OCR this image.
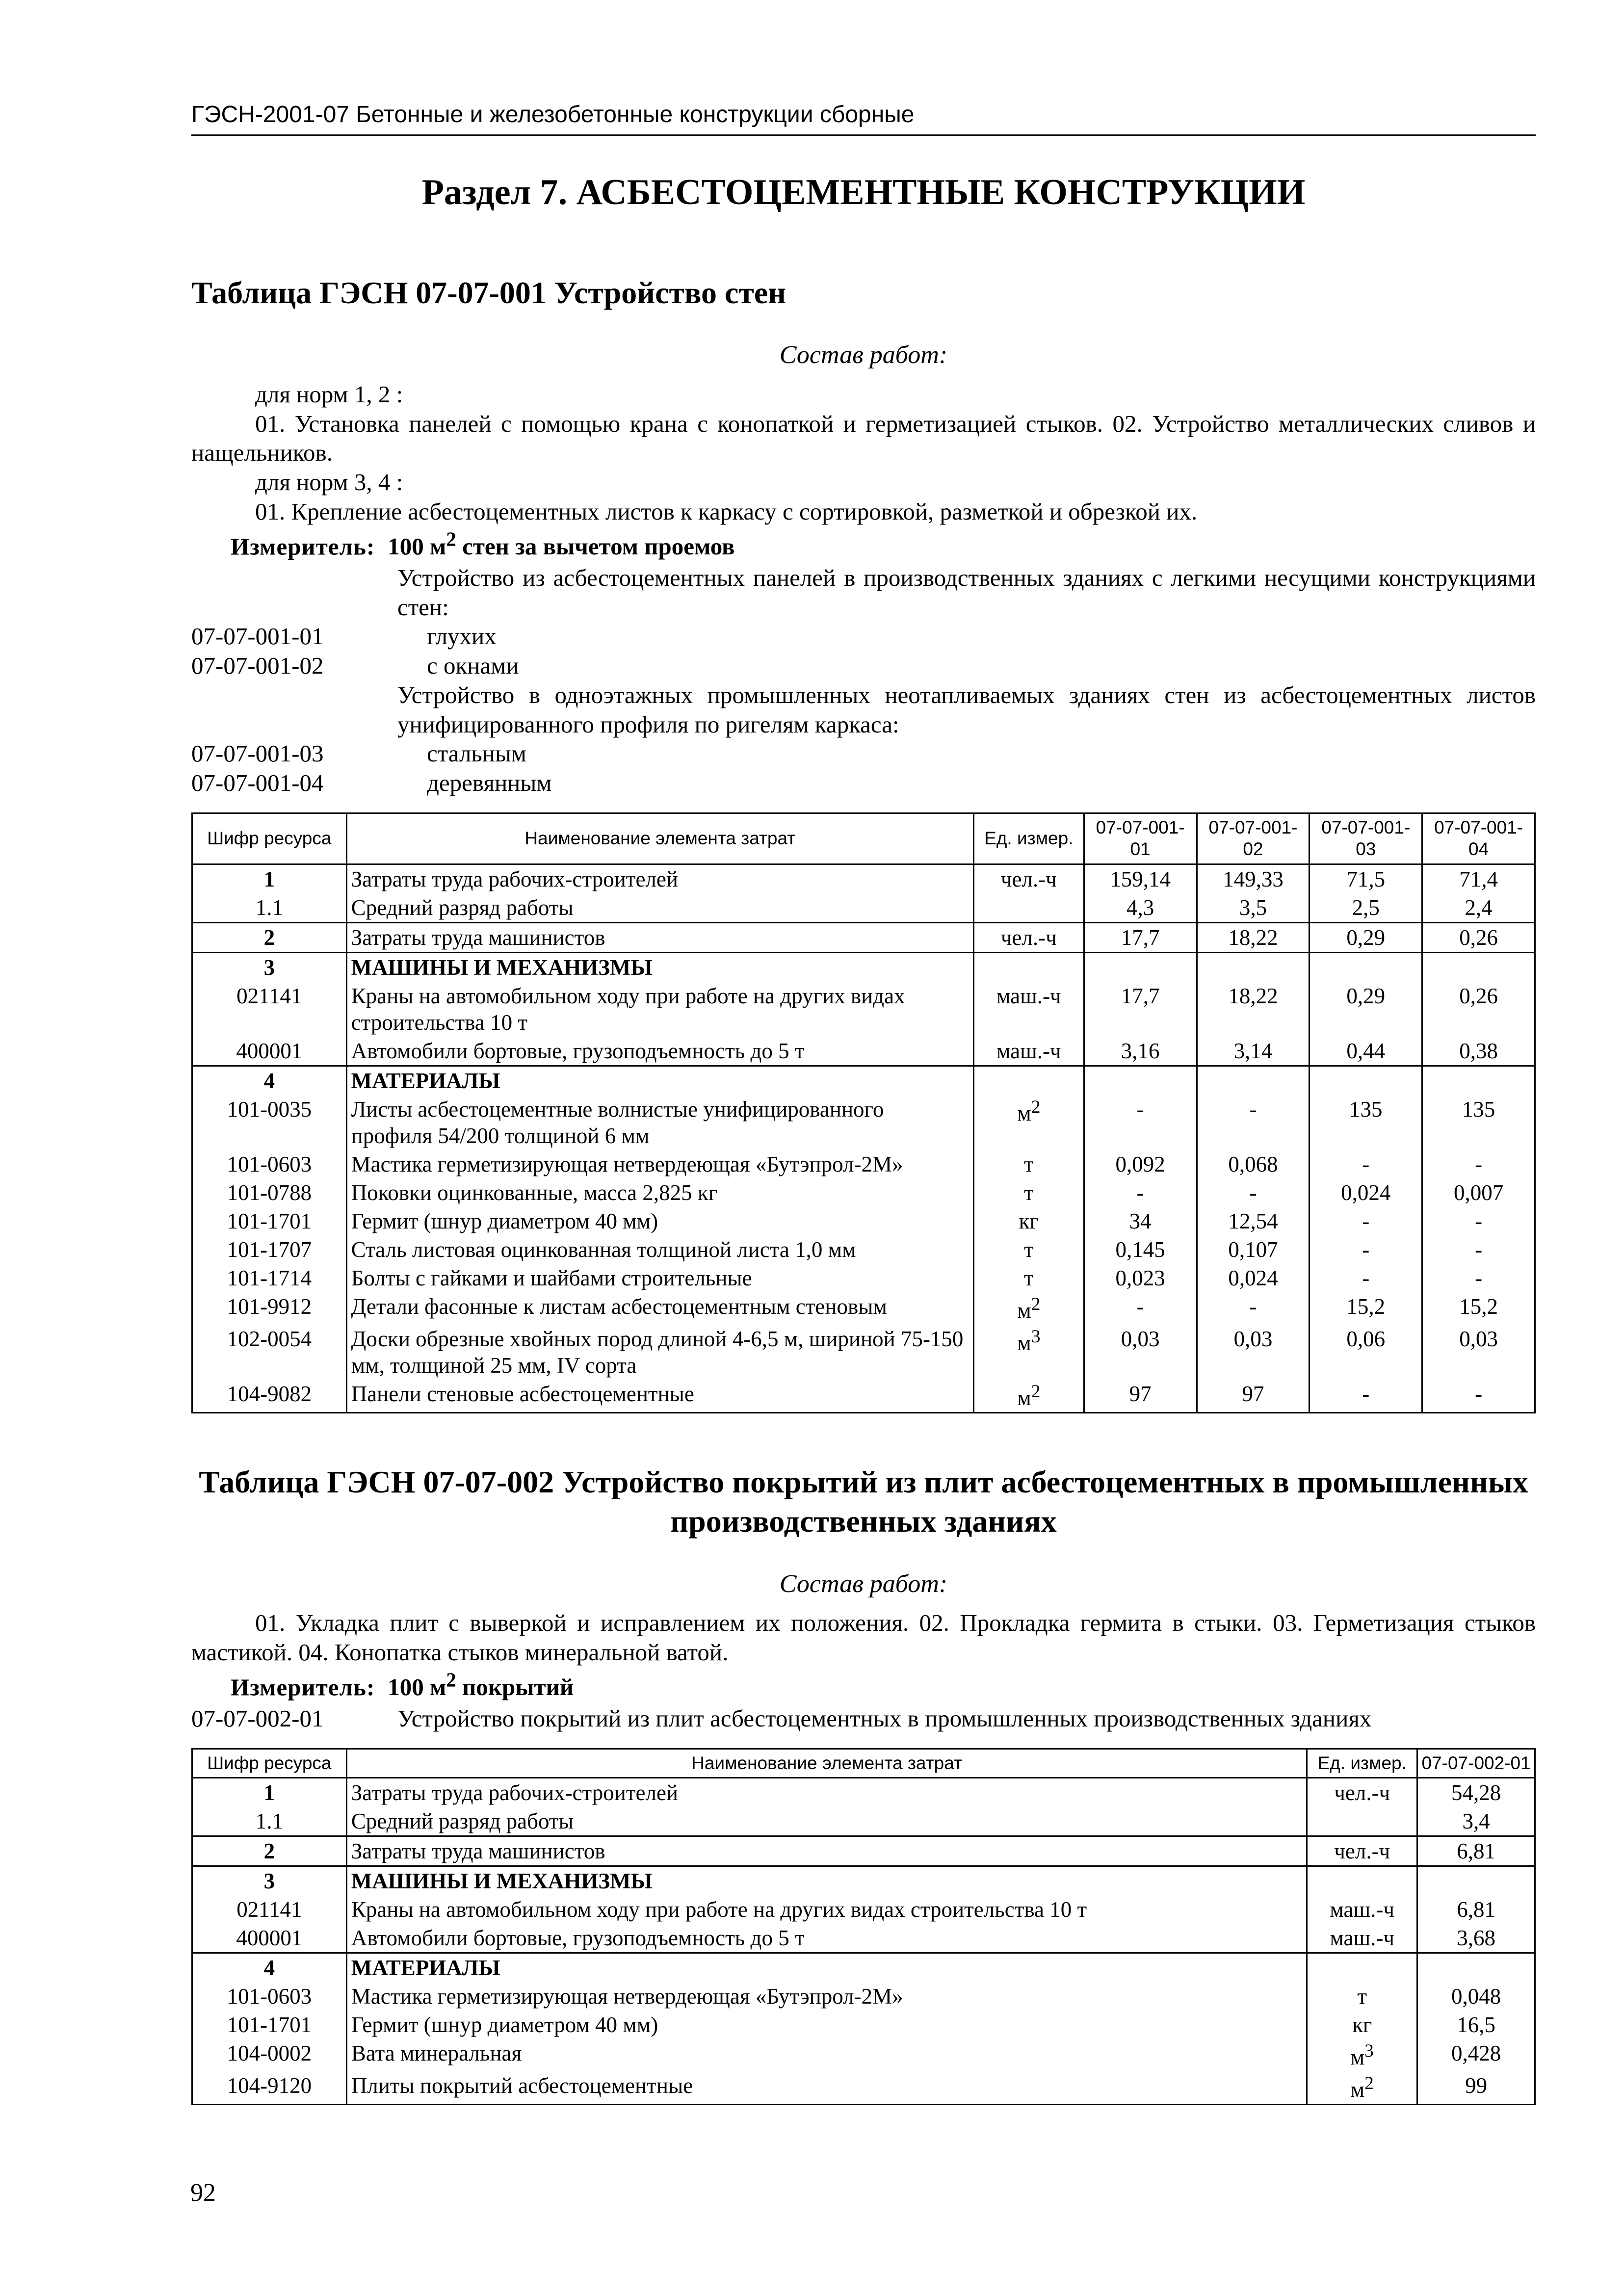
ГЭСН-2001-07 Бетонные и железобетонные конструкции сборные
Раздел 7. АСБЕСТОЦЕМЕНТНЫЕ КОНСТРУКЦИИ
Таблица ГЭСН 07-07-001 Устройство стен
Состав работ:

для норм 1, 2 :

01. Установка панелей с помощью крана с конопаткой и герметизацией стыков. 02. Устройство металлических сливов и нащельников.

для норм 3, 4 :

01. Крепление асбестоцементных листов к каркасу с сортировкой, разметкой и обрезкой их.

Измеритель: 100 $м^2$ стен за вычетом проемов
Устройство из асбестоцементных панелей в производственных зданиях с легкими несущими конструкциями стен:
07-07-001-01	глухих
07-07-001-02	с окнами
Устройство в одноэтажных промышленных неотапливаемых зданиях стен из асбестоцементных листов унифицированного профиля по ригелям каркаса:
07-07-001-03	стальным
07-07-001-04	деревянным
Шифр ресурса	Наименование элемента затрат	Ед. измер.	07-07-001-01	07-07-001-02	07-07-001-03	07-07-001-04
1	Затраты труда рабочих-строителей	чел.-ч	159,14	149,33	71,5	71,4
1.1	Средний разряд работы		4,3	3,5	2,5	2,4
2	Затраты труда машинистов	чел.-ч	17,7	18,22	0,29	0,26
3	МАШИНЫ И МЕХАНИЗМЫ					
021141	Краны на автомобильном ходу при работе на других видах строительства 10 т	маш.-ч	17,7	18,22	0,29	0,26
400001	Автомобили бортовые, грузоподъемность до 5 т	маш.-ч	3,16	3,14	0,44	0,38
4	МАТЕРИАЛЫ					
101-0035	Листы асбестоцементные волнистые унифицированного профиля 54/200 толщиной 6 мм	$м^2$	-	-	135	135
101-0603	Мастика герметизирующая нетвердеющая «Бутэпрол-2М»	т	0,092	0,068	-	-
101-0788	Поковки оцинкованные, масса 2,825 кг	т	-	-	0,024	0,007
101-1701	Гермит (шнур диаметром 40 мм)	кг	34	12,54	-	-
101-1707	Сталь листовая оцинкованная толщиной листа 1,0 мм	т	0,145	0,107	-	-
101-1714	Болты с гайками и шайбами строительные	т	0,023	0,024	-	-
101-9912	Детали фасонные к листам асбестоцементным стеновым	$м^2$	-	-	15,2	15,2
102-0054	Доски обрезные хвойных пород длиной 4-6,5 м, шириной 75-150 мм, толщиной 25 мм, IV сорта	$м^3$	0,03	0,03	0,06	0,03
104-9082	Панели стеновые асбестоцементные	$м^2$	97	97	-	-
Таблица ГЭСН 07-07-002 Устройство покрытий из плит асбестоцементных в промышленных производственных зданиях
Состав работ:

01. Укладка плит с выверкой и исправлением их положения. 02. Прокладка гермита в стыки. 03. Герметизация стыков мастикой. 04. Конопатка стыков минеральной ватой.

Измеритель: 100 $м^2$ покрытий
07-07-002-01	Устройство покрытий из плит асбестоцементных в промышленных производственных зданиях
Шифр ресурса	Наименование элемента затрат	Ед. измер.	07-07-002-01
1	Затраты труда рабочих-строителей	чел.-ч	54,28
1.1	Средний разряд работы		3,4
2	Затраты труда машинистов	чел.-ч	6,81
3	МАШИНЫ И МЕХАНИЗМЫ		
021141	Краны на автомобильном ходу при работе на других видах строительства 10 т	маш.-ч	6,81
400001	Автомобили бортовые, грузоподъемность до 5 т	маш.-ч	3,68
4	МАТЕРИАЛЫ		
101-0603	Мастика герметизирующая нетвердеющая «Бутэпрол-2М»	т	0,048
101-1701	Гермит (шнур диаметром 40 мм)	кг	16,5
104-0002	Вата минеральная	$м^3$	0,428
104-9120	Плиты покрытий асбестоцементные	$м^2$	99
92
